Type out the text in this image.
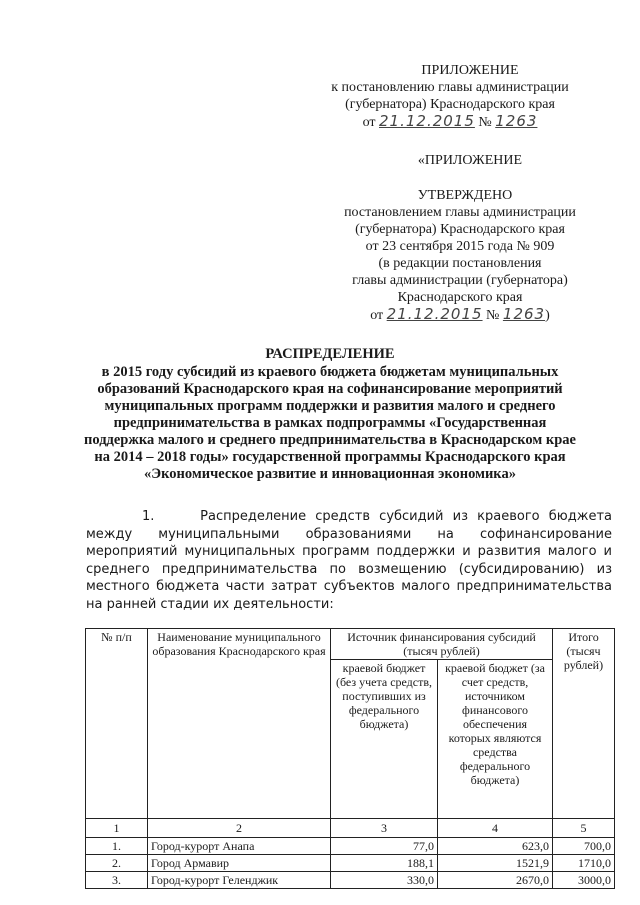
ПРИЛОЖЕНИЕ
к постановлению главы администрации
(губернатора) Краснодарского края
от 21.12.2015 № 1263
«ПРИЛОЖЕНИЕ
УТВЕРЖДЕНО
постановлением главы администрации
(губернатора) Краснодарского края
от 23 сентября 2015 года № 909
(в редакции постановления
главы администрации (губернатора)
Краснодарского края
от 21.12.2015 № 1263)
РАСПРЕДЕЛЕНИЕ
в 2015 году субсидий из краевого бюджета бюджетам муниципальных
образований Краснодарского края на софинансирование мероприятий
муниципальных программ поддержки и развития малого и среднего
предпринимательства в рамках подпрограммы «Государственная
поддержка малого и среднего предпринимательства в Краснодарском крае
на 2014 – 2018 годы» государственной программы Краснодарского края
«Экономическое развитие и инновационная экономика»
1.	Распределение средств субсидий из краевого бюджета между муниципальными образованиями на софинансирование мероприятий муниципальных программ поддержки и развития малого и среднего предпринимательства по возмещению (субсидированию) из местного бюджета части затрат субъектов малого предпринимательства на ранней стадии их деятельности:
№ п/п	Наименование муниципального образования Краснодарского края	Источник финансирования субсидий (тысяч рублей)		Итого (тысяч рублей)
		краевой бюджет (без учета средств, поступивших из федерального бюджета)	краевой бюджет (за счет средств, источником финансового обеспечения которых являются средства федерального бюджета)	
1	2	3	4	5
1.	Город-курорт Анапа	77,0	623,0	700,0
2.	Город Армавир	188,1	1521,9	1710,0
3.	Город-курорт Геленджик	330,0	2670,0	3000,0
